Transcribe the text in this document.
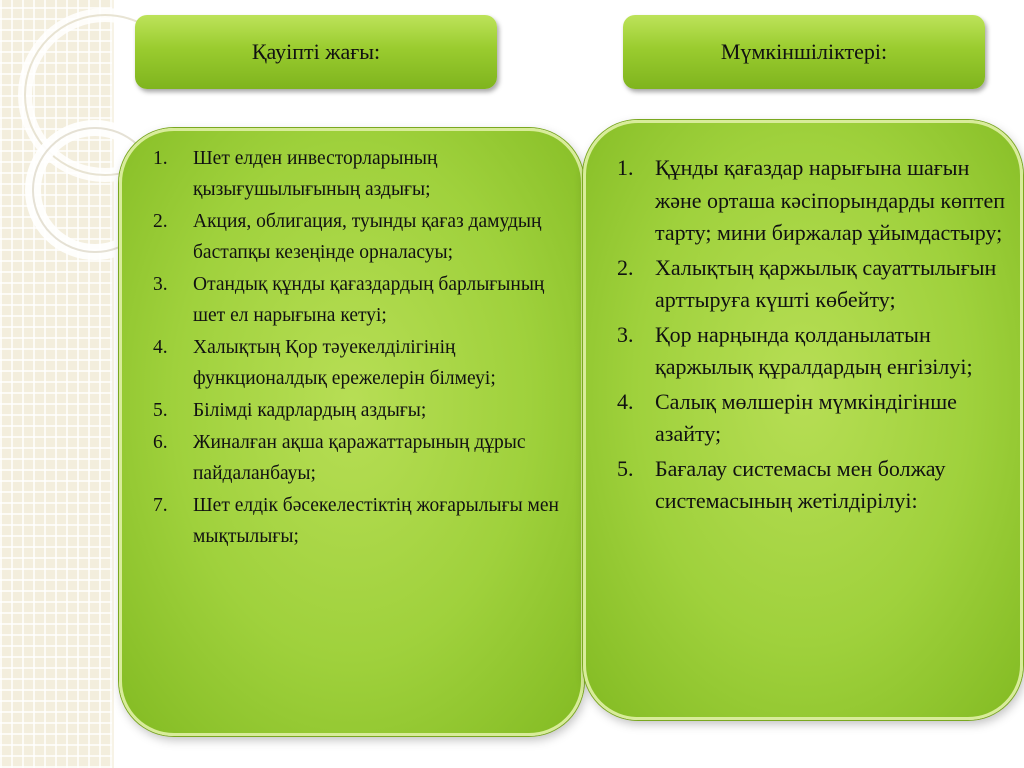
Қауіпті жағы:	Мүмкіншіліктері:
1. Шет елден инвесторларының қызығушылығының аздығы;
2. Акция, облигация, туынды қағаз дамудың бастапқы кезеңінде орналасуы;
3. Отандық құнды қағаздардың барлығының шет ел нарығына кетуі;
4. Халықтың Қор тәуекелділігінің функционалдық ережелерін білмеуі;
5. Білімді кадрлардың аздығы;
6. Жиналған ақша қаражаттарының дұрыс пайдаланбауы;
7. Шет елдік бәсекелестіктің жоғарылығы мен мықтылығы;
1. Құнды қағаздар нарығына шағын және орташа кәсіпорындарды көптеп тарту; мини биржалар ұйымдастыру;
2. Халықтың қаржылық сауаттылығын арттыруға күшті көбейту;
3. Қор нарңында қолданылатын қаржылық құралдардың енгізілуі;
4. Салық мөлшерін мүмкіндігінше азайту;
5. Бағалау системасы мен болжау системасының жетілдірілуі:
